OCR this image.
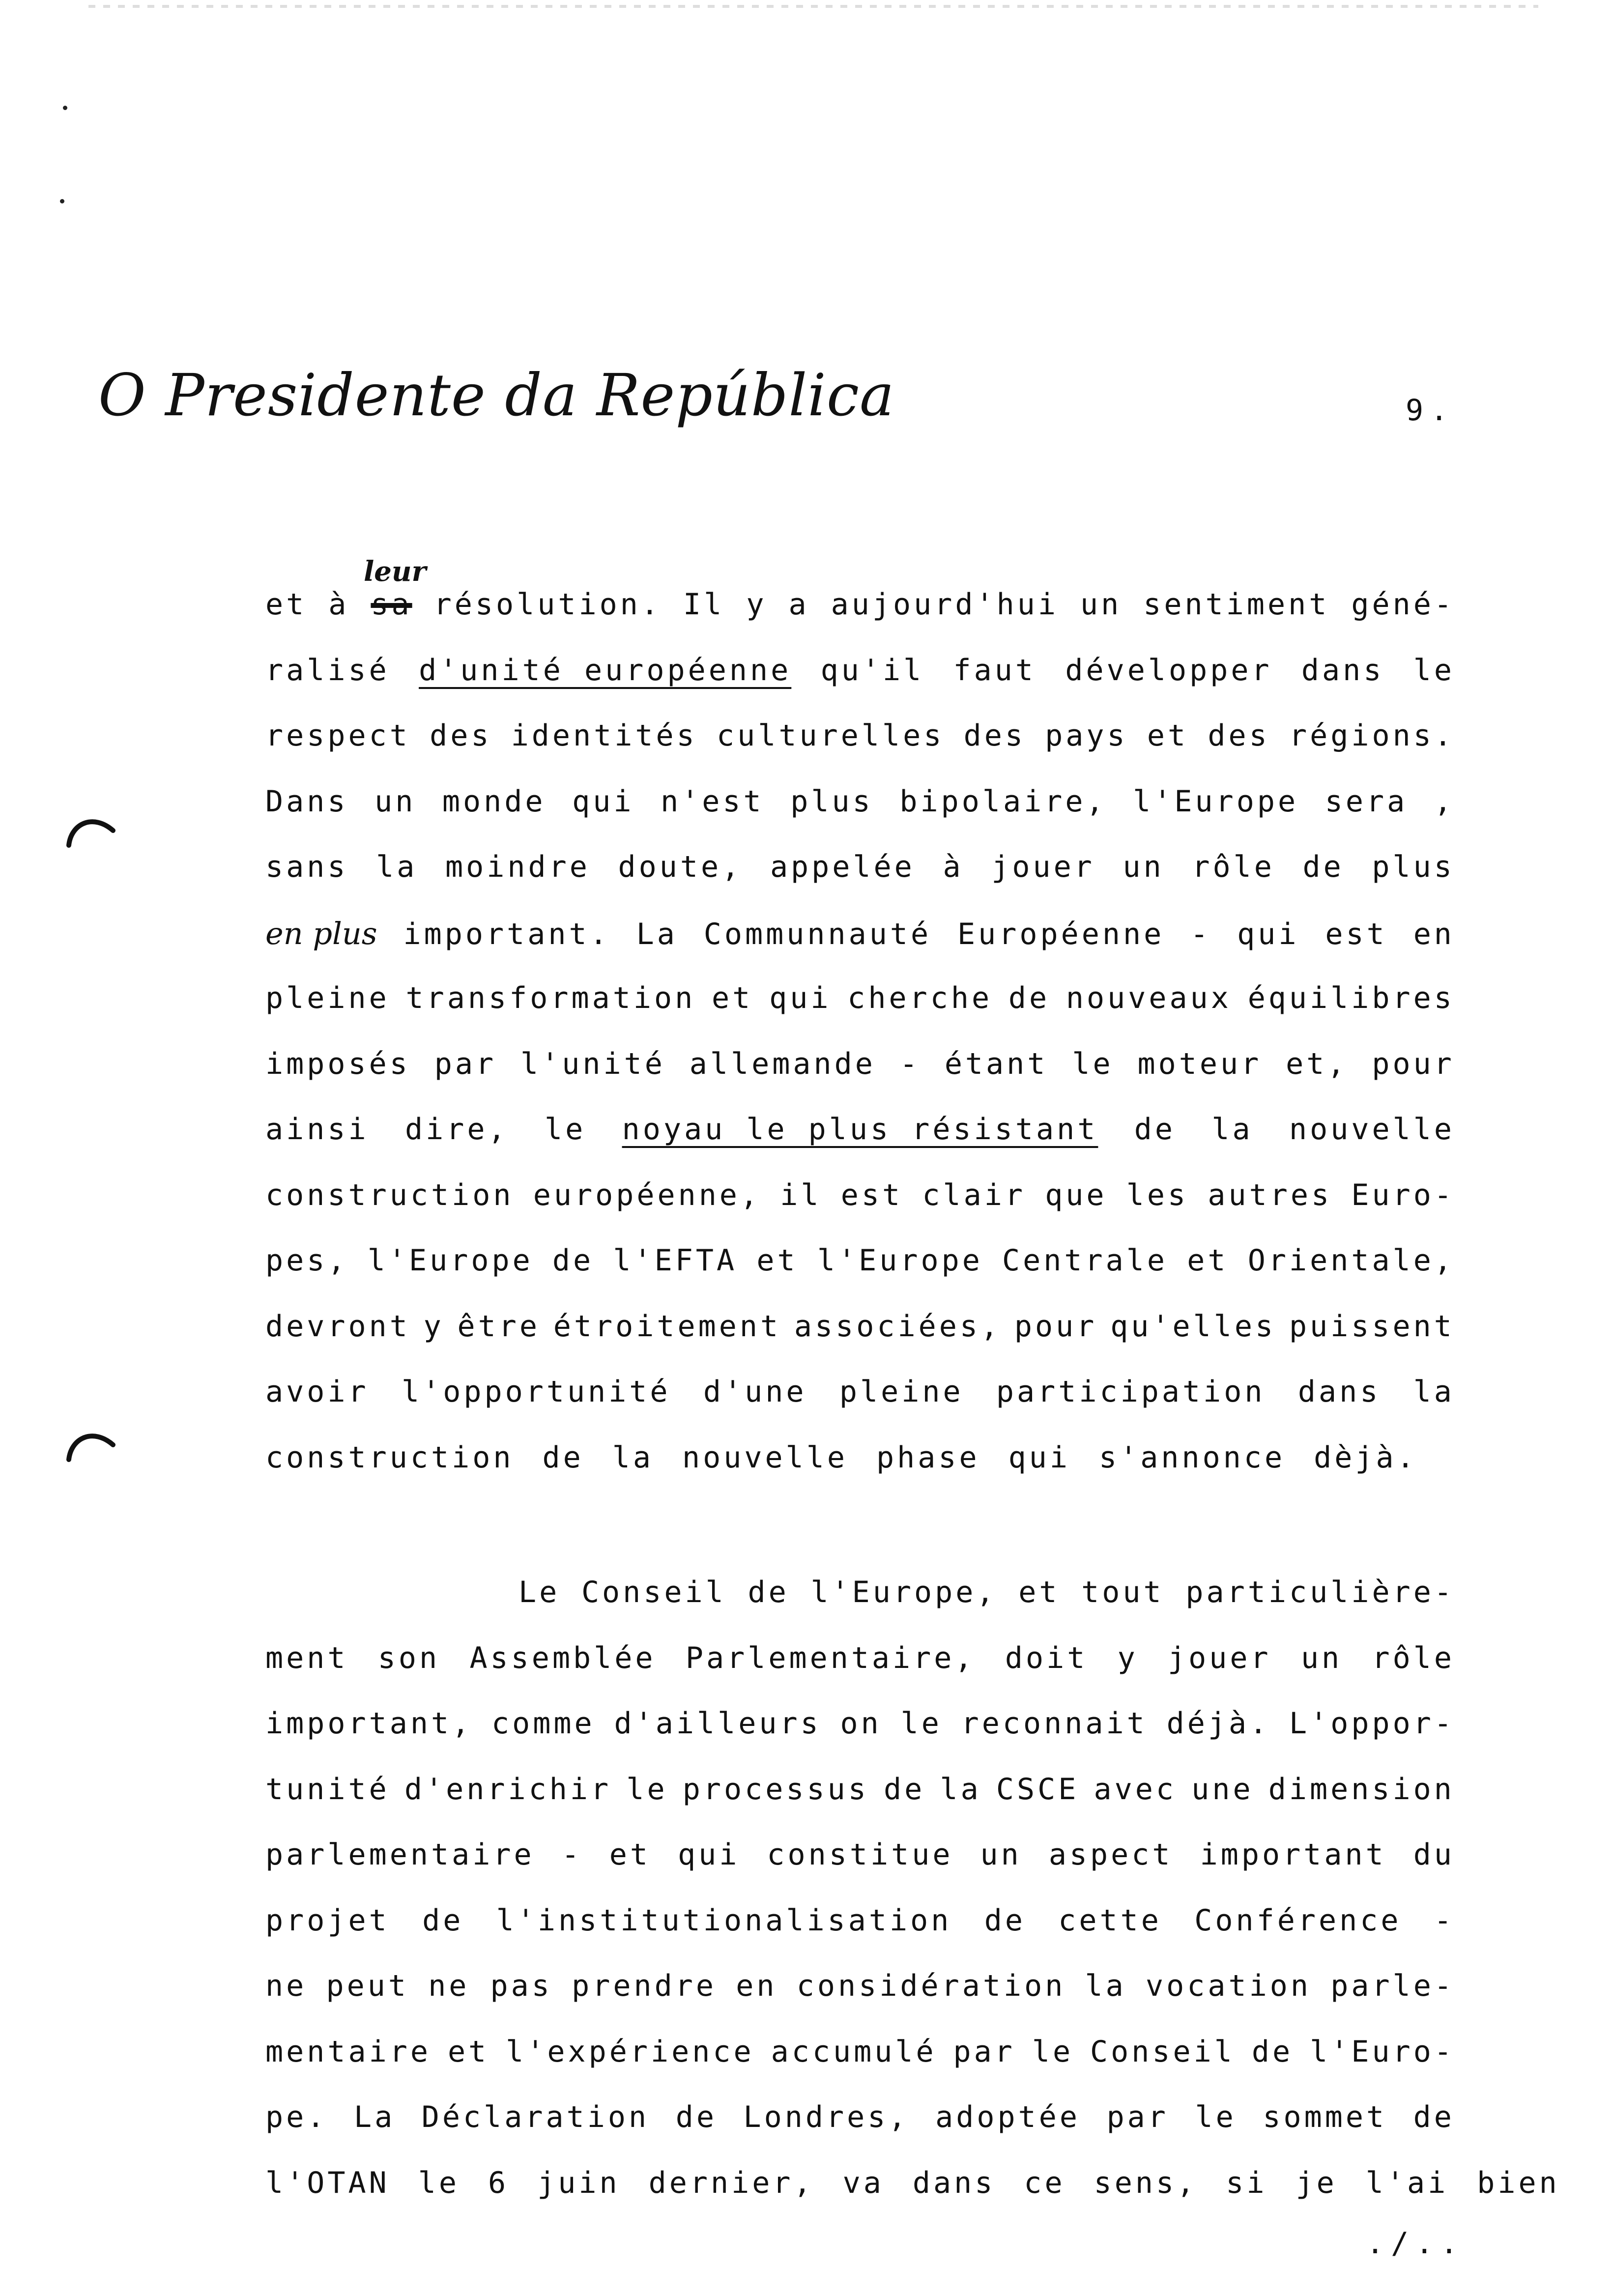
O Presidente da República	9.
leur
et à sa résolution. Il y a aujourd'hui un sentiment géné-
ralisé d'unité européenne qu'il faut développer dans le
respect des identités culturelles des pays et des régions.
Dans un monde qui n'est plus bipolaire, l'Europe sera ,
sans la moindre doute, appelée à jouer un rôle de plus
en plus important. La Communnauté Européenne - qui est en
pleine transformation et qui cherche de nouveaux équilibres
imposés par l'unité allemande - étant le moteur et, pour
ainsi dire, le noyau le plus résistant de la nouvelle
construction européenne, il est clair que les autres Euro-
pes, l'Europe de l'EFTA et l'Europe Centrale et Orientale,
devront y être étroitement associées, pour qu'elles puissent
avoir l'opportunité d'une pleine participation dans la
construction de la nouvelle phase qui s'annonce dèjà.
Le Conseil de l'Europe, et tout particulière-
ment son Assemblée Parlementaire, doit y jouer un rôle
important, comme d'ailleurs on le reconnait déjà. L'oppor-
tunité d'enrichir le processus de la CSCE avec une dimension
parlementaire - et qui constitue un aspect important du
projet de l'institutionalisation de cette Conférence -
ne peut ne pas prendre en considération la vocation parle-
mentaire et l'expérience accumulé par le Conseil de l'Euro-
pe. La Déclaration de Londres, adoptée par le sommet de
l'OTAN le 6 juin dernier, va dans ce sens, si je l'ai bien
./..
